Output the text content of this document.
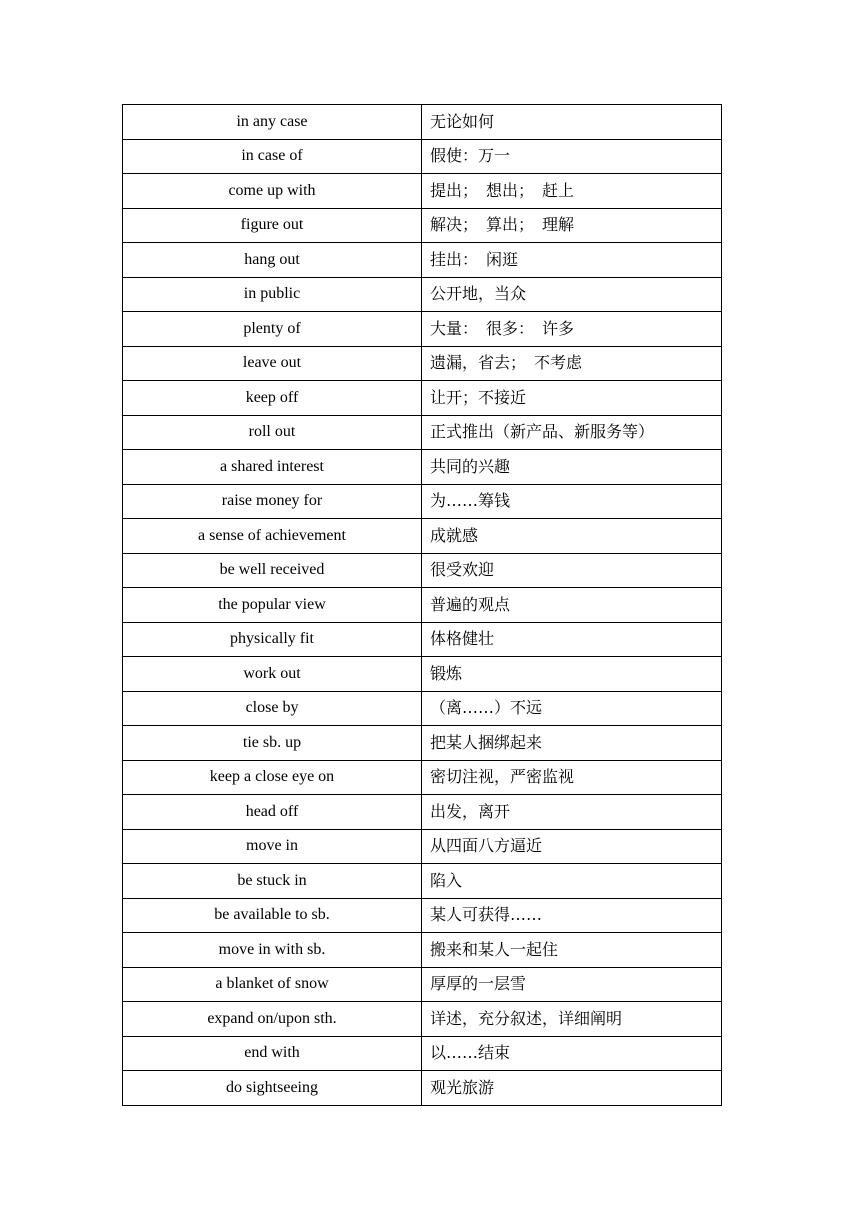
in any case	无论如何
in case of	假使：万一
come up with	提出；　想出；　赶上
figure out	解决；　算出；　理解
hang out	挂出：　闲逛
in public	公开地，当众
plenty of	大量：　很多：　许多
leave out	遗漏，省去；　不考虑
keep off	让开；不接近
roll out	正式推出（新产品、新服务等）
a shared interest	共同的兴趣
raise money for	为……筹钱
a sense of achievement	成就感
be well received	很受欢迎
the popular view	普遍的观点
physically fit	体格健壮
work out	锻炼
close by	（离……）不远
tie sb. up	把某人捆绑起来
keep a close eye on	密切注视，严密监视
head off	出发，离开
move in	从四面八方逼近
be stuck in	陷入
be available to sb.	某人可获得……
move in with sb.	搬来和某人一起住
a blanket of snow	厚厚的一层雪
expand on/upon sth.	详述，充分叙述，详细阐明
end with	以……结束
do sightseeing	观光旅游
